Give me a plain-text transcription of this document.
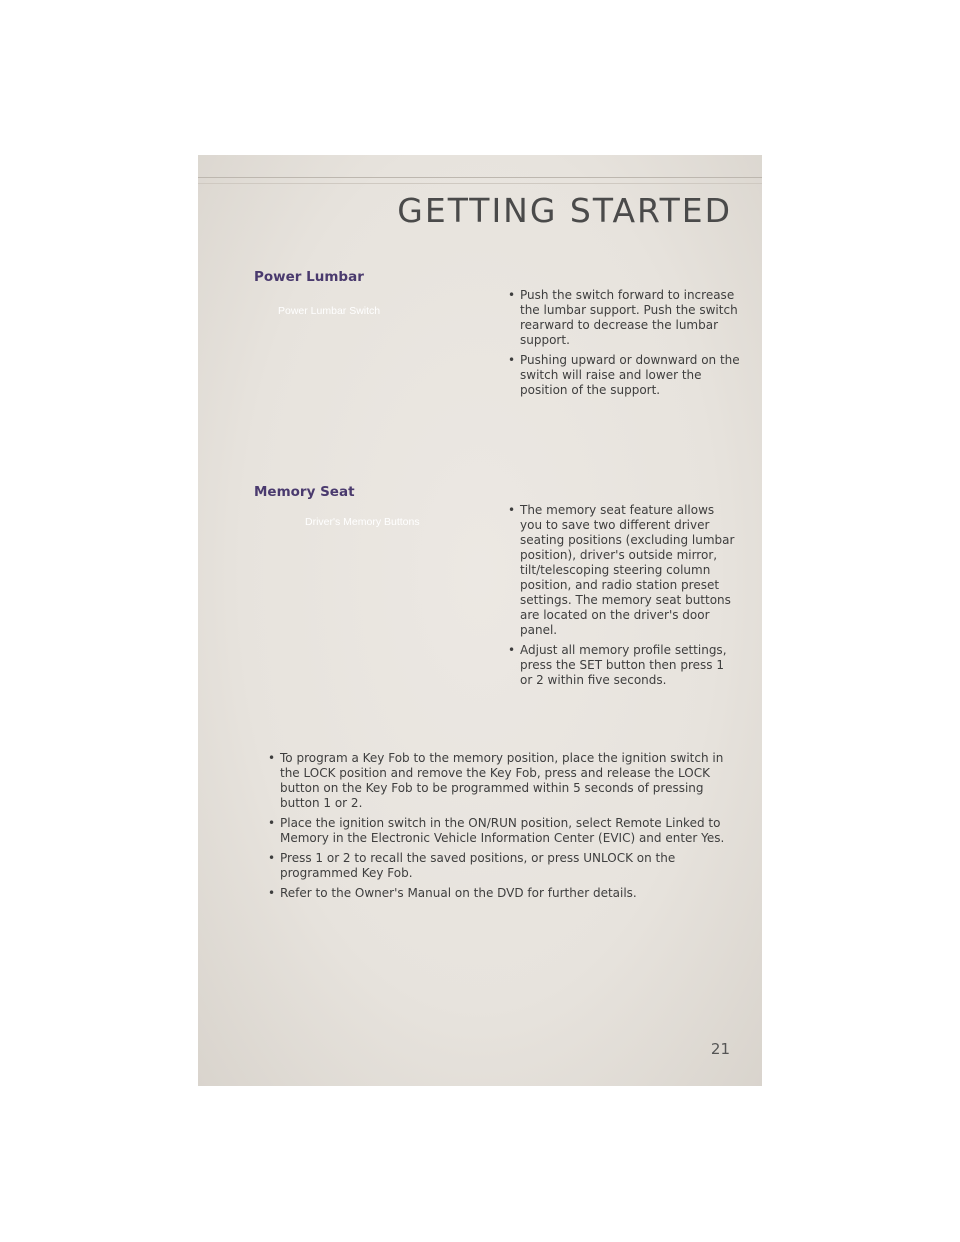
GETTING STARTED
Power Lumbar
Power Lumbar Switch
• Push the switch forward to increase the lumbar support. Push the switch rearward to decrease the lumbar support.
• Pushing upward or downward on the switch will raise and lower the position of the support.
Memory Seat
Driver's Memory Buttons
• The memory seat feature allows you to save two different driver seating positions (excluding lumbar position), driver's outside mirror, tilt/telescoping steering column position, and radio station preset settings. The memory seat buttons are located on the driver's door panel.
• Adjust all memory profile settings, press the SET button then press 1 or 2 within five seconds.
• To program a Key Fob to the memory position, place the ignition switch in the LOCK position and remove the Key Fob, press and release the LOCK button on the Key Fob to be programmed within 5 seconds of pressing button 1 or 2.
• Place the ignition switch in the ON/RUN position, select Remote Linked to Memory in the Electronic Vehicle Information Center (EVIC) and enter Yes.
• Press 1 or 2 to recall the saved positions, or press UNLOCK on the programmed Key Fob.
• Refer to the Owner's Manual on the DVD for further details.
21
